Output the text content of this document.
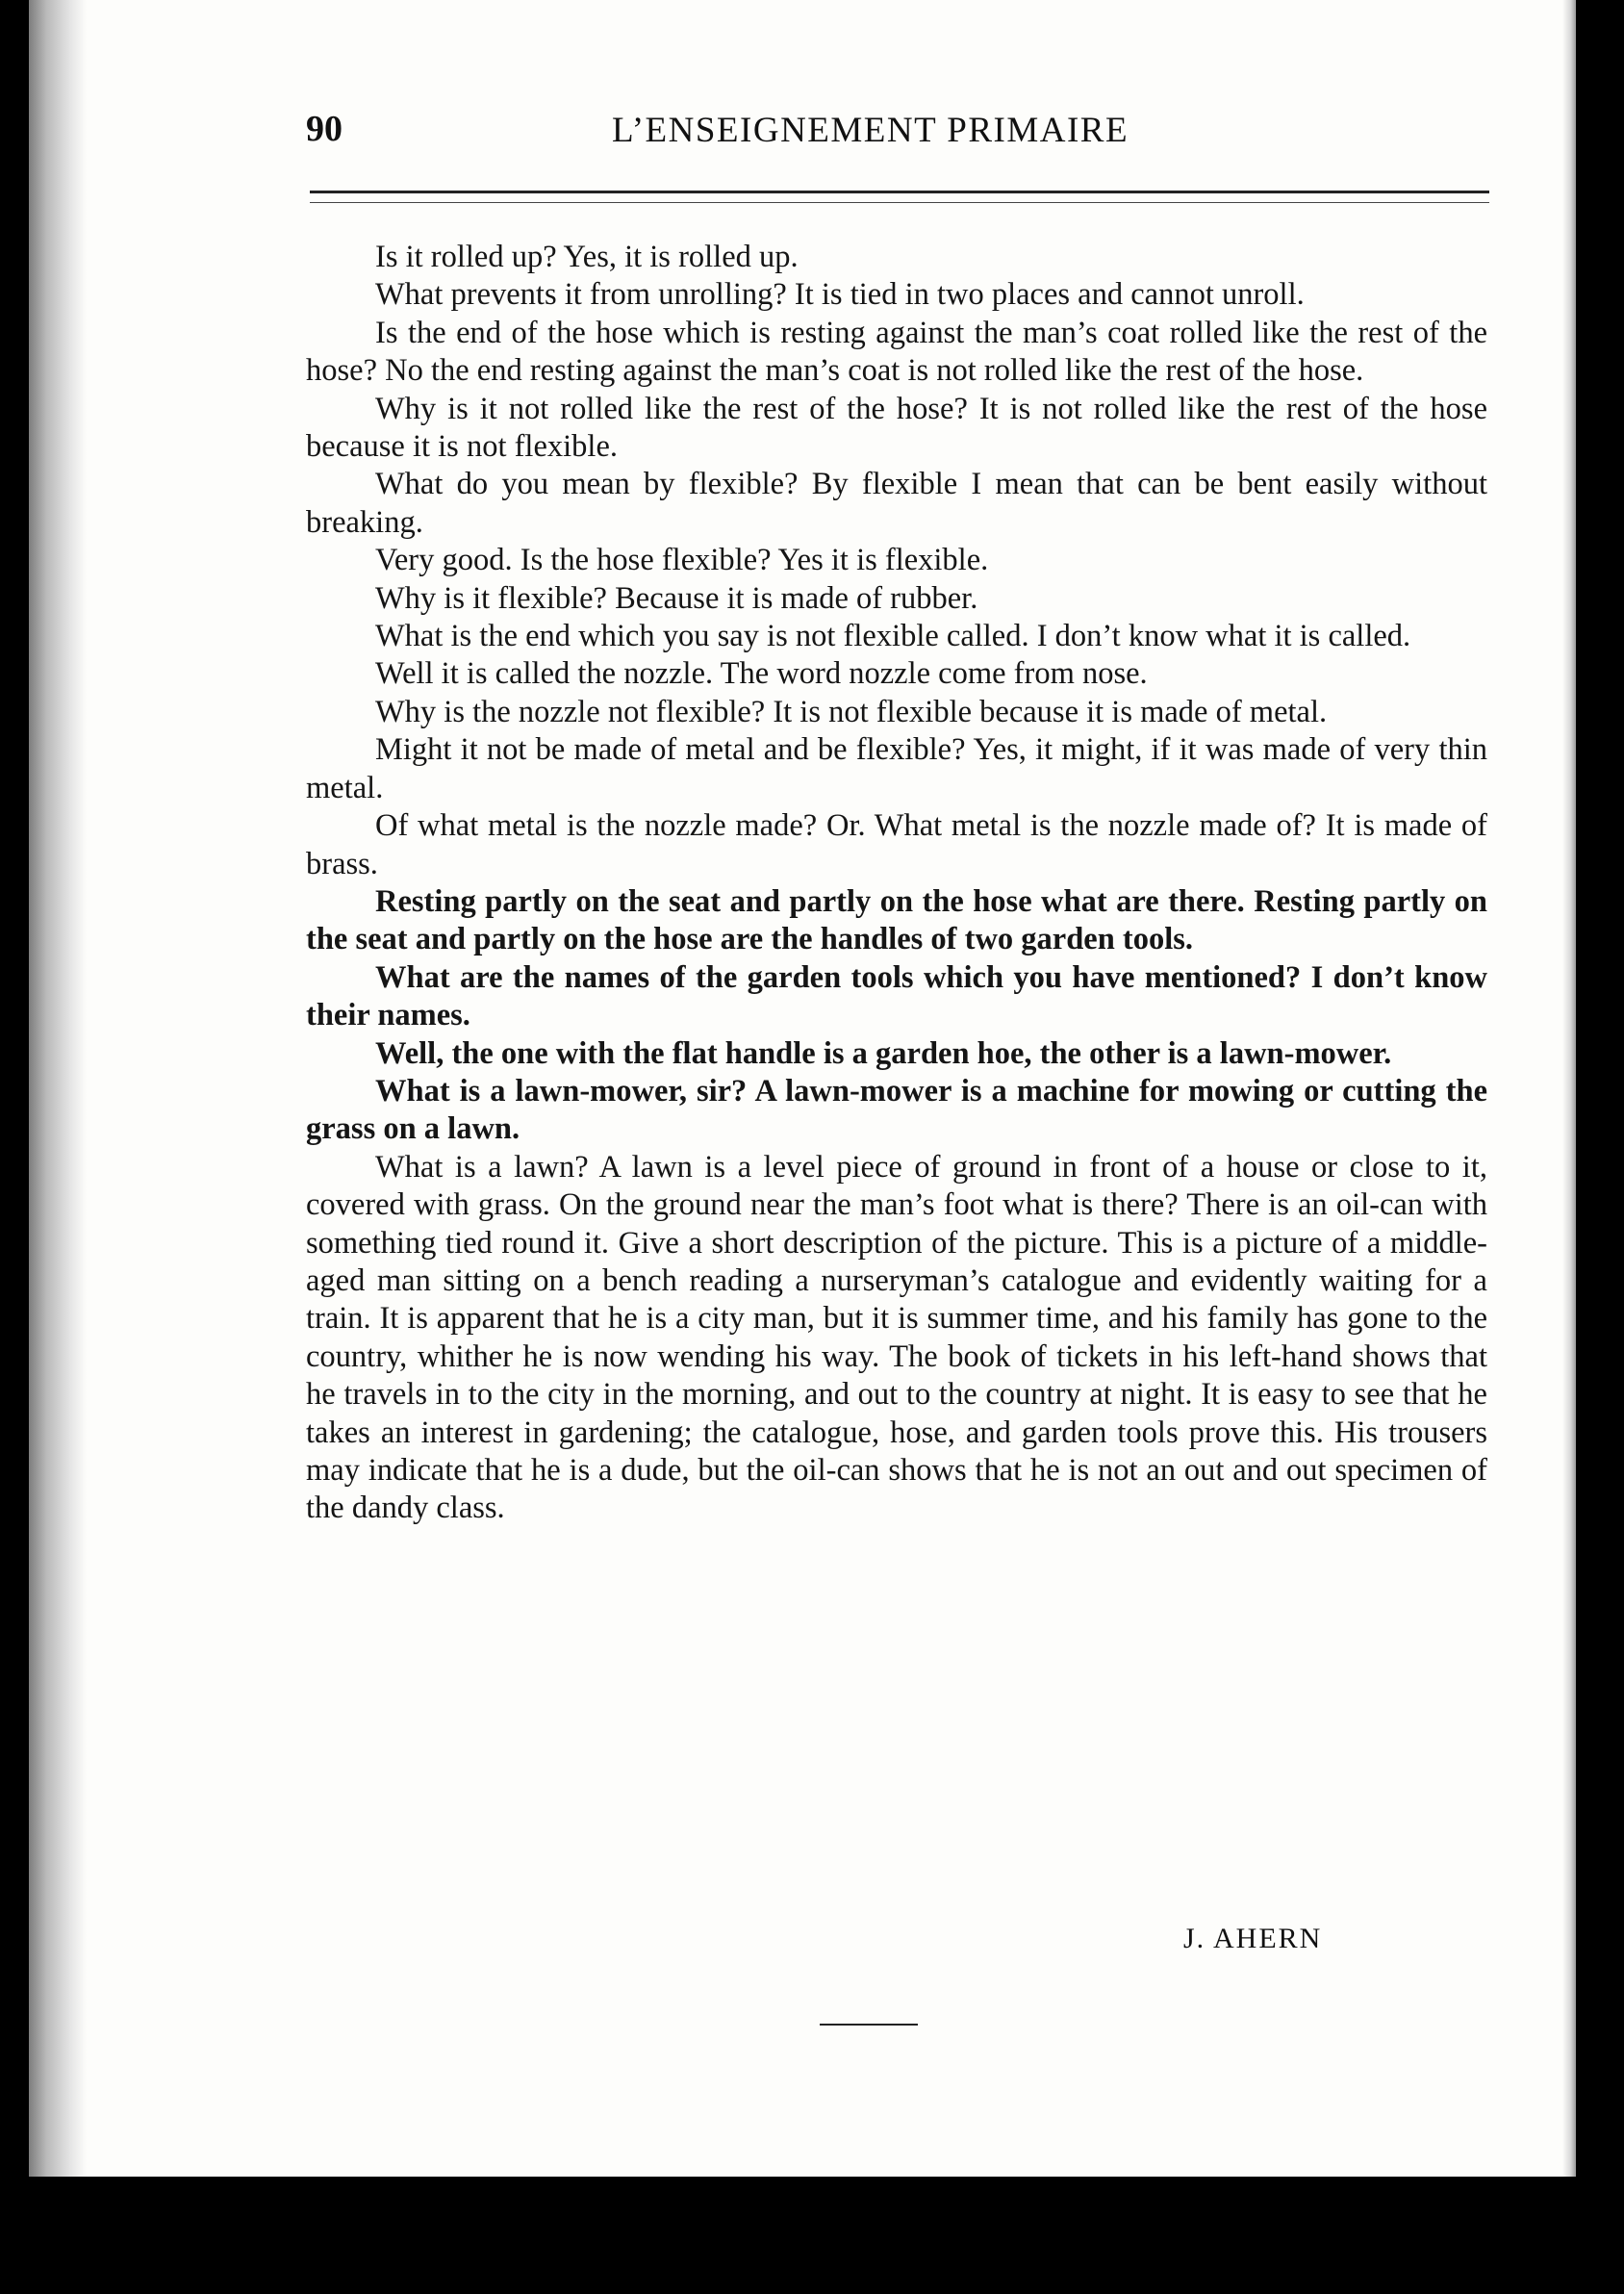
90	L’ENSEIGNEMENT PRIMAIRE

Is it rolled up? Yes, it is rolled up.

What prevents it from unrolling? It is tied in two places and cannot unroll.

Is the end of the hose which is resting against the man’s coat rolled like the rest of the hose? No the end resting against the man’s coat is not rolled like the rest of the hose.

Why is it not rolled like the rest of the hose? It is not rolled like the rest of the hose because it is not flexible.

What do you mean by flexible? By flexible I mean that can be bent easily without breaking.

Very good. Is the hose flexible? Yes it is flexible.

Why is it flexible? Because it is made of rubber.

What is the end which you say is not flexible called. I don’t know what it is called.

Well it is called the nozzle. The word nozzle come from nose.

Why is the nozzle not flexible? It is not flexible because it is made of metal.

Might it not be made of metal and be flexible? Yes, it might, if it was made of very thin metal.

Of what metal is the nozzle made? Or. What metal is the nozzle made of? It is made of brass.

Resting partly on the seat and partly on the hose what are there. Resting partly on the seat and partly on the hose are the handles of two garden tools.

What are the names of the garden tools which you have mentioned? I don’t know their names.

Well, the one with the flat handle is a garden hoe, the other is a lawn-mower.

What is a lawn-mower, sir? A lawn-mower is a machine for mowing or cutting the grass on a lawn.

What is a lawn? A lawn is a level piece of ground in front of a house or close to it, covered with grass. On the ground near the man’s foot what is there? There is an oil-can with something tied round it. Give a short description of the picture. This is a picture of a middle-aged man sitting on a bench reading a nurseryman’s catalogue and evidently waiting for a train. It is apparent that he is a city man, but it is summer time, and his family has gone to the country, whither he is now wending his way. The book of tickets in his left-hand shows that he travels in to the city in the morning, and out to the country at night. It is easy to see that he takes an interest in gardening; the catalogue, hose, and garden tools prove this. His trousers may indicate that he is a dude, but the oil-can shows that he is not an out and out specimen of the dandy class.

J. AHERN
